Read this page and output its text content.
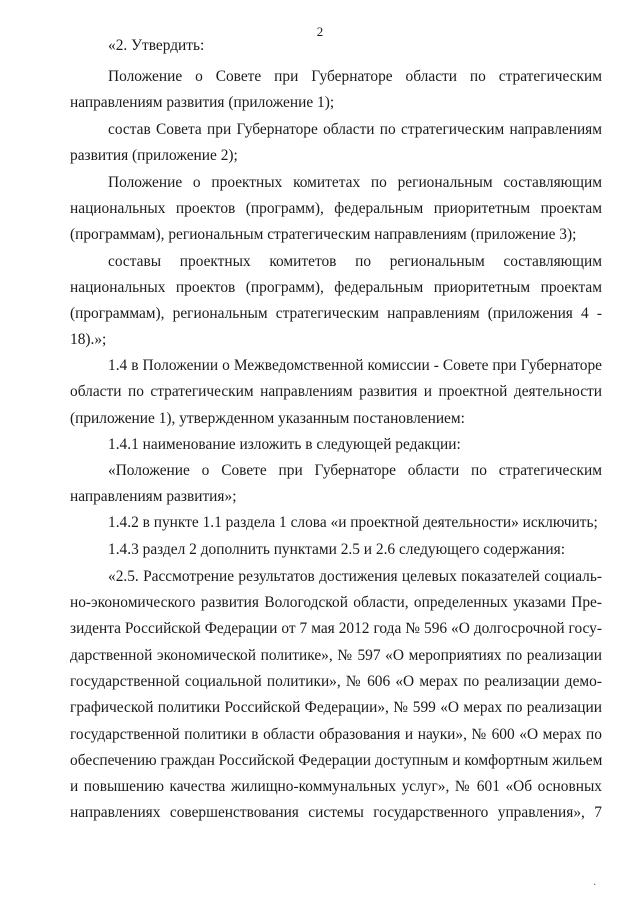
2
«2. Утвердить:
Положение о Совете при Губернаторе области по стратегическим
направлениям развития (приложение 1);
состав Совета при Губернаторе области по стратегическим направлениям
развития (приложение 2);
Положение о проектных комитетах по региональным составляющим
национальных проектов (программ), федеральным приоритетным проектам
(программам), региональным стратегическим направлениям (приложение 3);
составы проектных комитетов по региональным составляющим
национальных проектов (программ), федеральным приоритетным проектам
(программам), региональным стратегическим направлениям (приложения 4 -
18).»;
1.4 в Положении о Межведомственной комиссии - Совете при Губернаторе
области по стратегическим направлениям развития и проектной деятельности
(приложение 1), утвержденном указанным постановлением:
1.4.1 наименование изложить в следующей редакции:
«Положение о Совете при Губернаторе области по стратегическим
направлениям развития»;
1.4.2 в пункте 1.1 раздела 1 слова «и проектной деятельности» исключить;
1.4.3 раздел 2 дополнить пунктами 2.5 и 2.6 следующего содержания:
«2.5. Рассмотрение результатов достижения целевых показателей социаль-
но-экономического развития Вологодской области, определенных указами Пре-
зидента Российской Федерации от 7 мая 2012 года № 596 «О долгосрочной госу-
дарственной экономической политике», № 597 «О мероприятиях по реализации
государственной социальной политики», № 606 «О мерах по реализации демо-
графической политики Российской Федерации», № 599 «О мерах по реализации
государственной политики в области образования и науки», № 600 «О мерах по
обеспечению граждан Российской Федерации доступным и комфортным жильем
и повышению качества жилищно-коммунальных услуг», № 601 «Об основных
направлениях совершенствования системы государственного управления», 7
·
